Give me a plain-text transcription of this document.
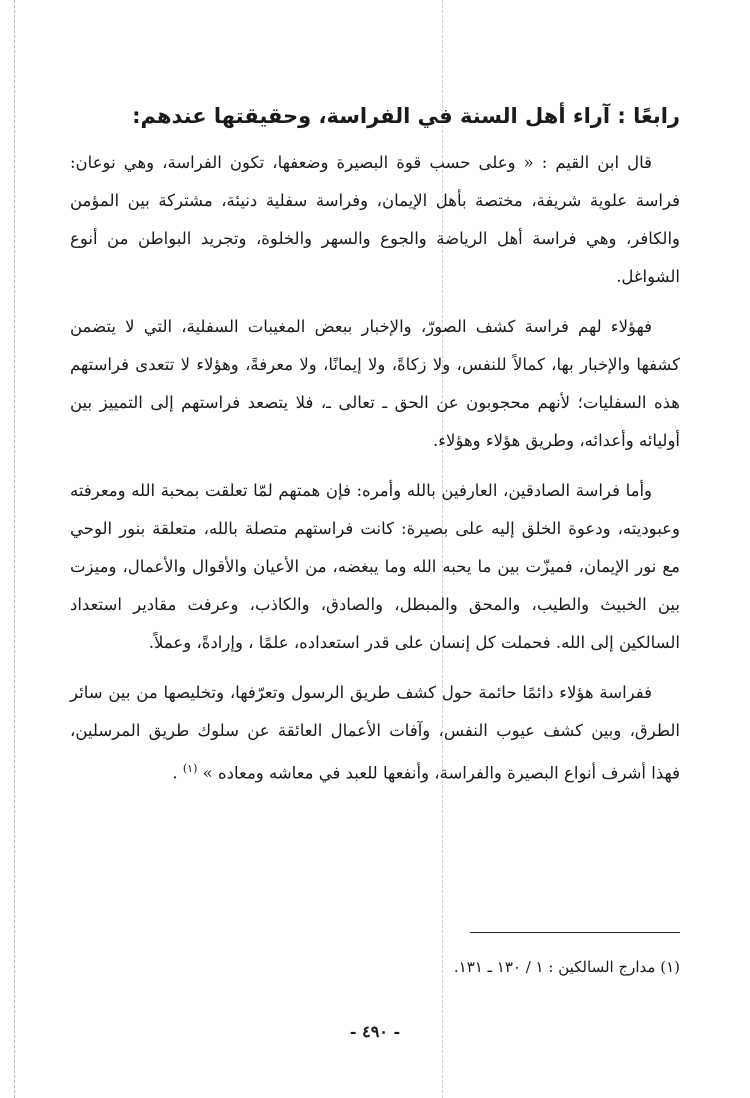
رابعًا : آراء أهل السنة في الفراسة، وحقيقتها عندهم:

قال ابن القيم : « وعلى حسب قوة البصيرة وضعفها، تكون الفراسة، وهي نوعان: فراسة علوية شريفة، مختصة بأهل الإيمان، وفراسة سفلية دنيئة، مشتركة بين المؤمن والكافر، وهي فراسة أهل الرياضة والجوع والسهر والخلوة، وتجريد البواطن من أنوع الشواغل.

فهؤلاء لهم فراسة كشف الصورّ، والإخبار ببعض المغيبات السفلية، التي لا يتضمن كشفها والإخبار بها، كمالاً للنفس، ولا زكاةً، ولا إيمانًا، ولا معرفةً، وهؤلاء لا تتعدى فراستهم هذه السفليات؛ لأنهم محجوبون عن الحق ـ تعالى ـ، فلا يتصعد فراستهم إلى التمييز بين أوليائه وأعدائه، وطريق هؤلاء وهؤلاء.

وأما فراسة الصادقين، العارفين بالله وأمره: فإن همتهم لمّا تعلقت بمحبة الله ومعرفته وعبوديته، ودعوة الخلق إليه على بصيرة: كانت فراستهم متصلة بالله، متعلقة بنور الوحي مع نور الإيمان، فميزّت بين ما يحبه الله وما يبغضه، من الأعيان والأقوال والأعمال، وميزت بين الخبيث والطيب، والمحق والمبطل، والصادق، والكاذب، وعرفت مقادير استعداد السالكين إلى الله. فحملت كل إنسان على قدر استعداده، علمًا ، وإرادةً، وعملاً.

ففراسة هؤلاء دائمًا حائمة حول كشف طريق الرسول وتعرّفها، وتخليصها من بين سائر الطرق، وبين كشف عيوب النفس، وآفات الأعمال العائقة عن سلوك طريق المرسلين، فهذا أشرف أنواع البصيرة والفراسة، وأنفعها للعبد في معاشه ومعاده » $^{(١)}$ .

(١) مدارج السالكين : ١ / ١٣٠ ـ ١٣١.
- ٤٩٠ -
